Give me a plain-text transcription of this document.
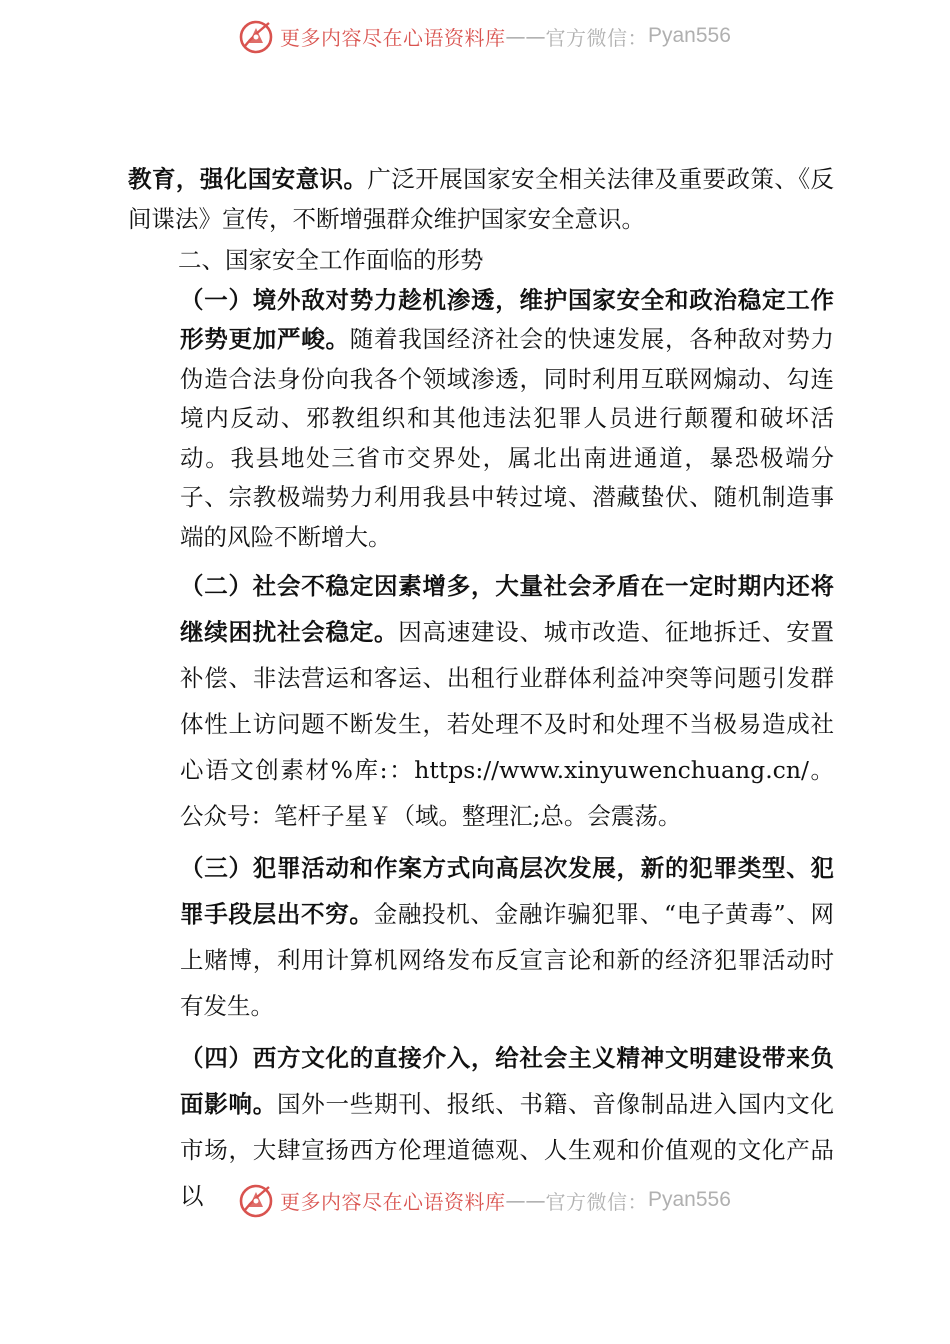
更多内容尽在心语资料库 —— 官方微信： Pyan556

教育，强化国安意识。广泛开展国家安全相关法律及重要政策、《反间谍法》宣传，不断增强群众维护国家安全意识。

二、国家安全工作面临的形势

（一）境外敌对势力趁机渗透，维护国家安全和政治稳定工作形势更加严峻。随着我国经济社会的快速发展，各种敌对势力伪造合法身份向我各个领域渗透，同时利用互联网煽动、勾连境内反动、邪教组织和其他违法犯罪人员进行颠覆和破坏活动。我县地处三省市交界处，属北出南进通道，暴恐极端分子、宗教极端势力利用我县中转过境、潜藏蛰伏、随机制造事端的风险不断增大。

（二）社会不稳定因素增多，大量社会矛盾在一定时期内还将继续困扰社会稳定。因高速建设、城市改造、征地拆迁、安置补偿、非法营运和客运、出租行业群体利益冲突等问题引发群体性上访问题不断发生，若处理不及时和处理不当极易造成社心语文创素材%库:：https://www.xinyuwenchuang.cn/。公众号：笔杆子星￥（域。整理汇;总。会震荡。

（三）犯罪活动和作案方式向高层次发展，新的犯罪类型、犯罪手段层出不穷。金融投机、金融诈骗犯罪、“电子黄毒”、网上赌博，利用计算机网络发布反宣言论和新的经济犯罪活动时有发生。

（四）西方文化的直接介入，给社会主义精神文明建设带来负面影响。国外一些期刊、报纸、书籍、音像制品进入国内文化市场，大肆宣扬西方伦理道德观、人生观和价值观的文化产品以	更多内容尽在心语资料库 —— 官方微信： Pyan556
